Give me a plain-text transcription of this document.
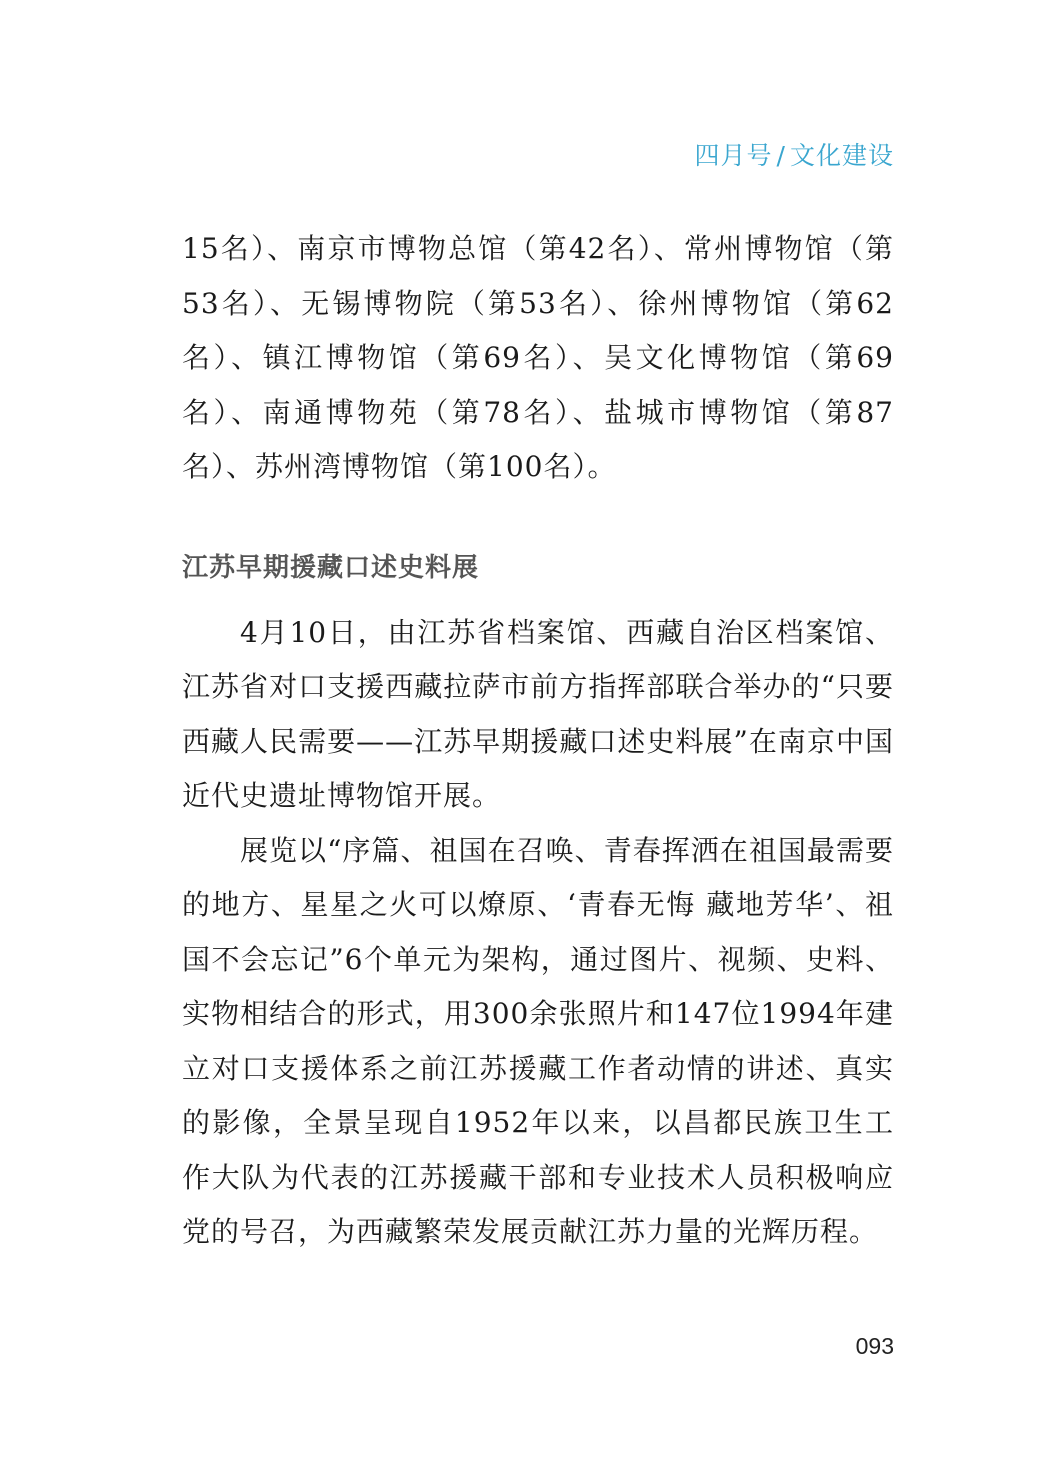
四月号 / 文化建设

15名）、南京市博物总馆（第42名）、常州博物馆（第53名）、无锡博物院（第53名）、徐州博物馆（第62名）、镇江博物馆（第69名）、吴文化博物馆（第69名）、南通博物苑（第78名）、盐城市博物馆（第87名）、苏州湾博物馆（第100名）。

江苏早期援藏口述史料展

4月10日，由江苏省档案馆、西藏自治区档案馆、江苏省对口支援西藏拉萨市前方指挥部联合举办的“只要西藏人民需要——江苏早期援藏口述史料展”在南京中国近代史遗址博物馆开展。

展览以“序篇、祖国在召唤、青春挥洒在祖国最需要的地方、星星之火可以燎原、‘青春无悔 藏地芳华’、祖国不会忘记”6个单元为架构，通过图片、视频、史料、实物相结合的形式，用300余张照片和147位1994年建立对口支援体系之前江苏援藏工作者动情的讲述、真实的影像，全景呈现自1952年以来，以昌都民族卫生工作大队为代表的江苏援藏干部和专业技术人员积极响应党的号召，为西藏繁荣发展贡献江苏力量的光辉历程。

093
